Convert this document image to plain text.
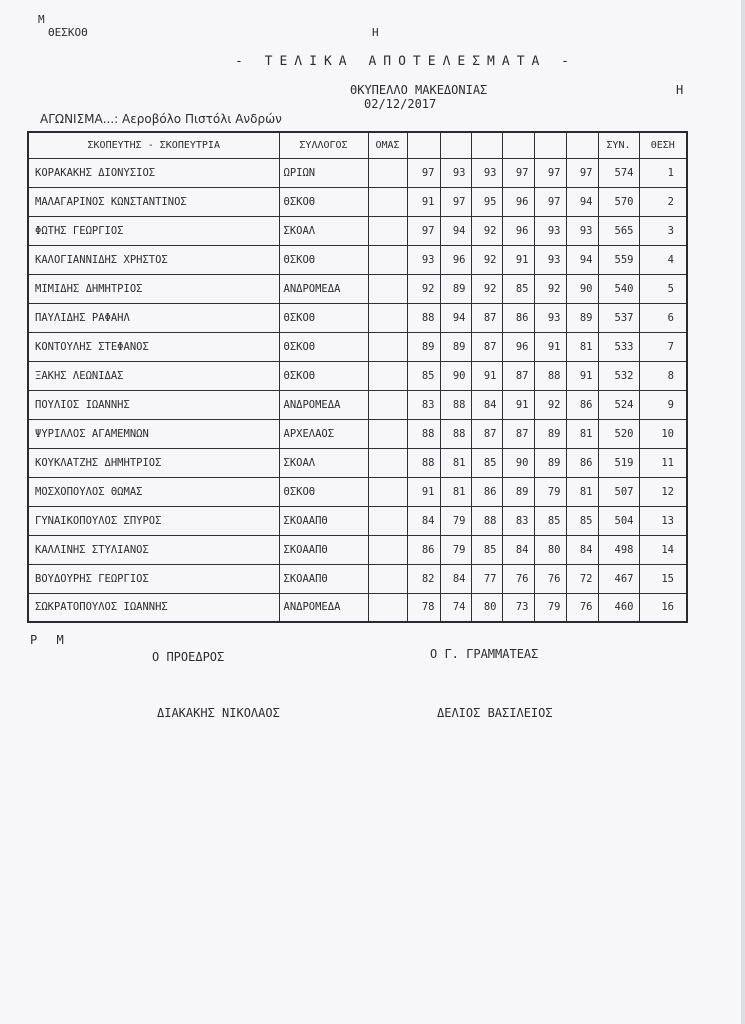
M
ΘΕΣΚΟΘ	H
- ΤΕΛΙΚΑ ΑΠΟΤΕΛΕΣΜΑΤΑ -
ΘΚΥΠΕΛΛΟ ΜΑΚΕΔΟΝΙΑΣ	H
02/12/2017
ΑΓΩΝΙΣΜΑ...: Αεροβόλο Πιστόλι Ανδρών
ΣΚΟΠΕΥΤΗΣ - ΣΚΟΠΕΥΤΡΙΑ	ΣΥΛΛΟΓΟΣ	ΟΜΑΣ							ΣΥΝ.	ΘΕΣΗ
ΚΟΡΑΚΑΚΗΣ ΔΙΟΝΥΣΙΟΣ	ΩΡΙΩΝ		97	93	93	97	97	97	574	1
ΜΑΛΑΓΑΡΙΝΟΣ ΚΩΝΣΤΑΝΤΙΝΟΣ	ΘΣΚΟΘ		91	97	95	96	97	94	570	2
ΦΩΤΗΣ ΓΕΩΡΓΙΟΣ	ΣΚΟΑΛ		97	94	92	96	93	93	565	3
ΚΑΛΟΓΙΑΝΝΙΔΗΣ ΧΡΗΣΤΟΣ	ΘΣΚΟΘ		93	96	92	91	93	94	559	4
ΜΙΜΙΔΗΣ ΔΗΜΗΤΡΙΟΣ	ΑΝΔΡΟΜΕΔΑ		92	89	92	85	92	90	540	5
ΠΑΥΛΙΔΗΣ ΡΑΦΑΗΛ	ΘΣΚΟΘ		88	94	87	86	93	89	537	6
ΚΟΝΤΟΥΛΗΣ ΣΤΕΦΑΝΟΣ	ΘΣΚΟΘ		89	89	87	96	91	81	533	7
ΞΑΚΗΣ ΛΕΩΝΙΔΑΣ	ΘΣΚΟΘ		85	90	91	87	88	91	532	8
ΠΟΥΛΙΟΣ ΙΩΑΝΝΗΣ	ΑΝΔΡΟΜΕΔΑ		83	88	84	91	92	86	524	9
ΨΥΡΙΛΛΟΣ ΑΓΑΜΕΜΝΩΝ	ΑΡΧΕΛΑΟΣ		88	88	87	87	89	81	520	10
ΚΟΥΚΛΑΤΖΗΣ ΔΗΜΗΤΡΙΟΣ	ΣΚΟΑΛ		88	81	85	90	89	86	519	11
ΜΟΣΧΟΠΟΥΛΟΣ ΘΩΜΑΣ	ΘΣΚΟΘ		91	81	86	89	79	81	507	12
ΓΥΝΑΙΚΟΠΟΥΛΟΣ ΣΠΥΡΟΣ	ΣΚΟΑΑΠΘ		84	79	88	83	85	85	504	13
ΚΑΛΛΙΝΗΣ ΣΤΥΛΙΑΝΟΣ	ΣΚΟΑΑΠΘ		86	79	85	84	80	84	498	14
ΒΟΥΔΟΥΡΗΣ ΓΕΩΡΓΙΟΣ	ΣΚΟΑΑΠΘ		82	84	77	76	76	72	467	15
ΣΩΚΡΑΤΟΠΟΥΛΟΣ ΙΩΑΝΝΗΣ	ΑΝΔΡΟΜΕΔΑ		78	74	80	73	79	76	460	16
P M
Ο ΠΡΟΕΔΡΟΣ	Ο Γ. ΓΡΑΜΜΑΤΕΑΣ
ΔΙΑΚΑΚΗΣ ΝΙΚΟΛΑΟΣ	ΔΕΛΙΟΣ ΒΑΣΙΛΕΙΟΣ
